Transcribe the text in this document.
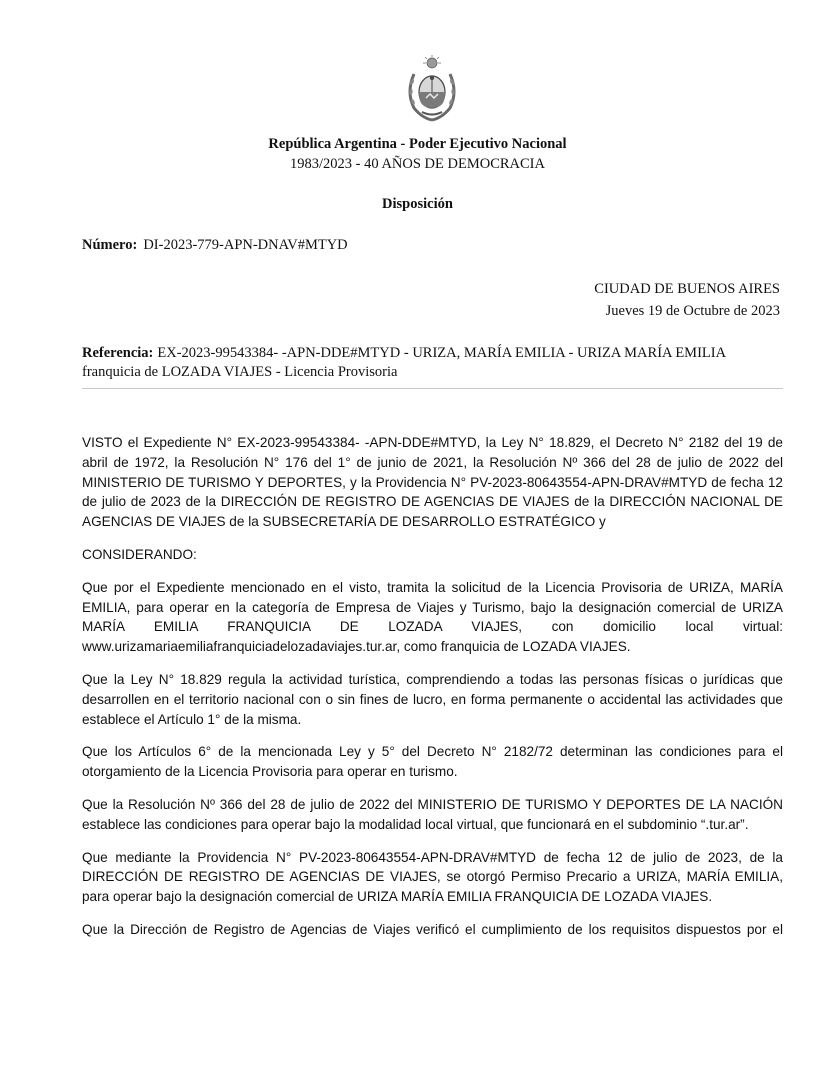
República Argentina - Poder Ejecutivo Nacional
1983/2023 - 40 AÑOS DE DEMOCRACIA
Disposición
Número: DI-2023-779-APN-DNAV#MTYD
CIUDAD DE BUENOS AIRES
Jueves 19 de Octubre de 2023
Referencia: EX-2023-99543384- -APN-DDE#MTYD - URIZA, MARÍA EMILIA - URIZA MARÍA EMILIA franquicia de LOZADA VIAJES - Licencia Provisoria

VISTO el Expediente N° EX-2023-99543384- -APN-DDE#MTYD, la Ley N° 18.829, el Decreto N° 2182 del 19 de abril de 1972, la Resolución N° 176 del 1° de junio de 2021, la Resolución Nº 366 del 28 de julio de 2022 del MINISTERIO DE TURISMO Y DEPORTES, y la Providencia N° PV-2023-80643554-APN-DRAV#MTYD de fecha 12 de julio de 2023 de la DIRECCIÓN DE REGISTRO DE AGENCIAS DE VIAJES de la DIRECCIÓN NACIONAL DE AGENCIAS DE VIAJES de la SUBSECRETARÍA DE DESARROLLO ESTRATÉGICO y

CONSIDERANDO:

Que por el Expediente mencionado en el visto, tramita la solicitud de la Licencia Provisoria de URIZA, MARÍA EMILIA, para operar en la categoría de Empresa de Viajes y Turismo, bajo la designación comercial de URIZA MARÍA EMILIA FRANQUICIA DE LOZADA VIAJES, con domicilio local virtual: www.urizamariaemiliafranquiciadelozadaviajes.tur.ar, como franquicia de LOZADA VIAJES.

Que la Ley N° 18.829 regula la actividad turística, comprendiendo a todas las personas físicas o jurídicas que desarrollen en el territorio nacional con o sin fines de lucro, en forma permanente o accidental las actividades que establece el Artículo 1° de la misma.

Que los Artículos 6° de la mencionada Ley y 5° del Decreto N° 2182/72 determinan las condiciones para el otorgamiento de la Licencia Provisoria para operar en turismo.

Que la Resolución Nº 366 del 28 de julio de 2022 del MINISTERIO DE TURISMO Y DEPORTES DE LA NACIÓN establece las condiciones para operar bajo la modalidad local virtual, que funcionará en el subdominio “.tur.ar”.

Que mediante la Providencia N° PV-2023-80643554-APN-DRAV#MTYD de fecha 12 de julio de 2023, de la DIRECCIÓN DE REGISTRO DE AGENCIAS DE VIAJES, se otorgó Permiso Precario a URIZA, MARÍA EMILIA, para operar bajo la designación comercial de URIZA MARÍA EMILIA FRANQUICIA DE LOZADA VIAJES.

Que la Dirección de Registro de Agencias de Viajes verificó el cumplimiento de los requisitos dispuestos por el
